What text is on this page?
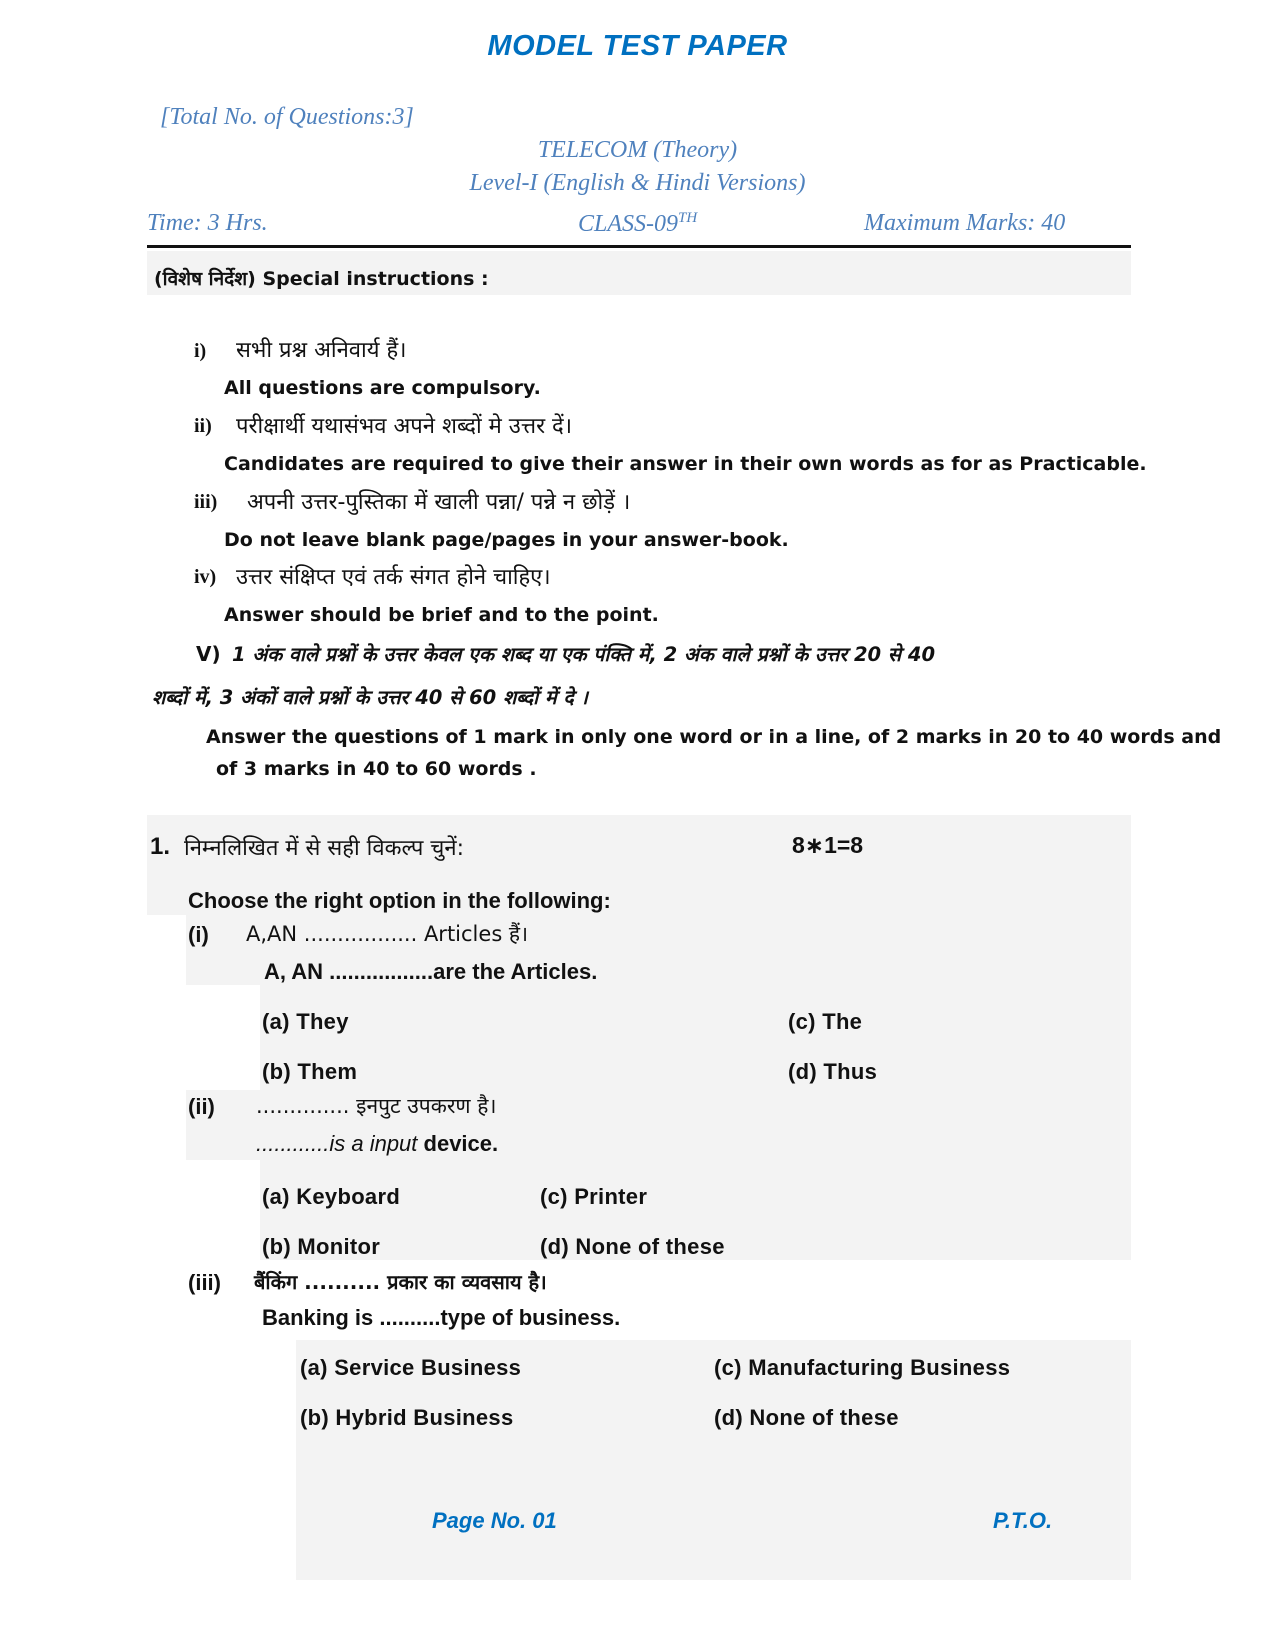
MODEL TEST PAPER
[Total No. of Questions:3]
TELECOM (Theory)
Level-I (English & Hindi Versions)
Time: 3 Hrs.	CLASS-09TH	Maximum Marks: 40
(विशेष निर्देश) Special instructions :
i) सभी प्रश्न अनिवार्य हैं।
All questions are compulsory.
ii) परीक्षार्थी यथासंभव अपने शब्दों मे उत्तर दें।
Candidates are required to give their answer in their own words as for as Practicable.
iii) अपनी उत्तर-पुस्तिका में खाली पन्ना/ पन्ने न छोड़ें ।
Do not leave blank page/pages in your answer-book.
iv) उत्तर संक्षिप्त एवं तर्क संगत होने चाहिए।
Answer should be brief and to the point.
V) 1 अंक वाले प्रश्नों के उत्तर केवल एक शब्द या एक पंक्ति में, 2 अंक वाले प्रश्नों के उत्तर 20 से 40
शब्दों में, 3 अंकों वाले प्रश्नों के उत्तर 40 से 60 शब्दों में दे ।
Answer the questions of 1 mark in only one word or in a line, of 2 marks in 20 to 40 words and
of 3 marks in 40 to 60 words .
1. निम्नलिखित में से सही विकल्प चुनें:	8∗1=8
Choose the right option in the following:
(i) A,AN ................. Articles हैं।
A, AN .................are the Articles.
(a) They
(b) Them
(c) The
(d) Thus
(ii) .............. इनपुट उपकरण है।
............is a input device.
(a) Keyboard
(b) Monitor
(c) Printer
(d) None of these
(iii) बैंकिंग .......... प्रकार का व्यवसाय है।
Banking is ..........type of business.
(a) Service Business
(b) Hybrid Business
(c) Manufacturing Business
(d) None of these
Page No. 01	P.T.O.
